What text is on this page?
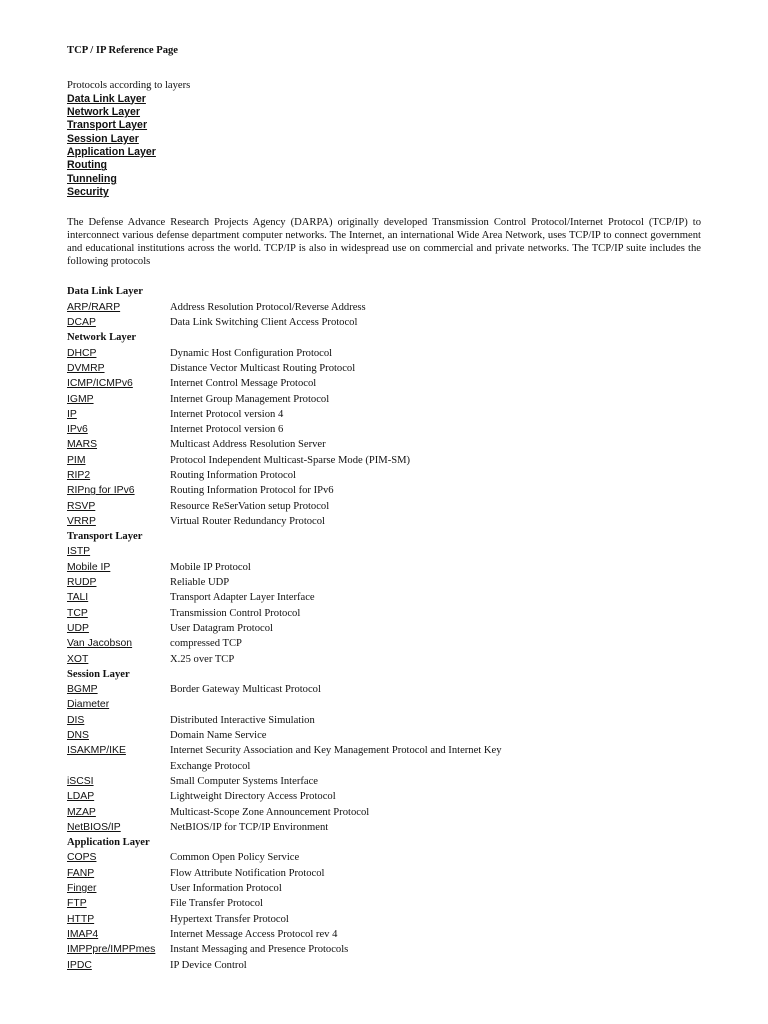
TCP / IP Reference Page
Protocols according to layers
Data Link Layer
Network Layer
Transport Layer
Session Layer
Application Layer
Routing
Tunneling
Security
The Defense Advance Research Projects Agency (DARPA) originally developed Transmission Control Protocol/Internet Protocol (TCP/IP) to interconnect various defense department computer networks. The Internet, an international Wide Area Network, uses TCP/IP to connect government and educational institutions across the world. TCP/IP is also in widespread use on commercial and private networks. The TCP/IP suite includes the following protocols
Data Link Layer
ARP/RARP	Address Resolution Protocol/Reverse Address
DCAP	Data Link Switching Client Access Protocol
Network Layer
DHCP	Dynamic Host Configuration Protocol
DVMRP	Distance Vector Multicast Routing Protocol
ICMP/ICMPv6	Internet Control Message Protocol
IGMP	Internet Group Management Protocol
IP	Internet Protocol version 4
IPv6	Internet Protocol version 6
MARS	Multicast Address Resolution Server
PIM	Protocol Independent Multicast-Sparse Mode (PIM-SM)
RIP2	Routing Information Protocol
RIPng for IPv6	Routing Information Protocol for IPv6
RSVP	Resource ReSerVation setup Protocol
VRRP	Virtual Router Redundancy Protocol
Transport Layer
ISTP
Mobile IP	Mobile IP Protocol
RUDP	Reliable UDP
TALI	Transport Adapter Layer Interface
TCP	Transmission Control Protocol
UDP	User Datagram Protocol
Van Jacobson	compressed TCP
XOT	X.25 over TCP
Session Layer
BGMP	Border Gateway Multicast Protocol
Diameter
DIS	Distributed Interactive Simulation
DNS	Domain Name Service
ISAKMP/IKE	Internet Security Association and Key Management Protocol and Internet Key
Exchange Protocol
iSCSI	Small Computer Systems Interface
LDAP	Lightweight Directory Access Protocol
MZAP	Multicast-Scope Zone Announcement Protocol
NetBIOS/IP	NetBIOS/IP for TCP/IP Environment
Application Layer
COPS	Common Open Policy Service
FANP	Flow Attribute Notification Protocol
Finger	User Information Protocol
FTP	File Transfer Protocol
HTTP	Hypertext Transfer Protocol
IMAP4	Internet Message Access Protocol rev 4
IMPPpre/IMPPmes	Instant Messaging and Presence Protocols
IPDC	IP Device Control
